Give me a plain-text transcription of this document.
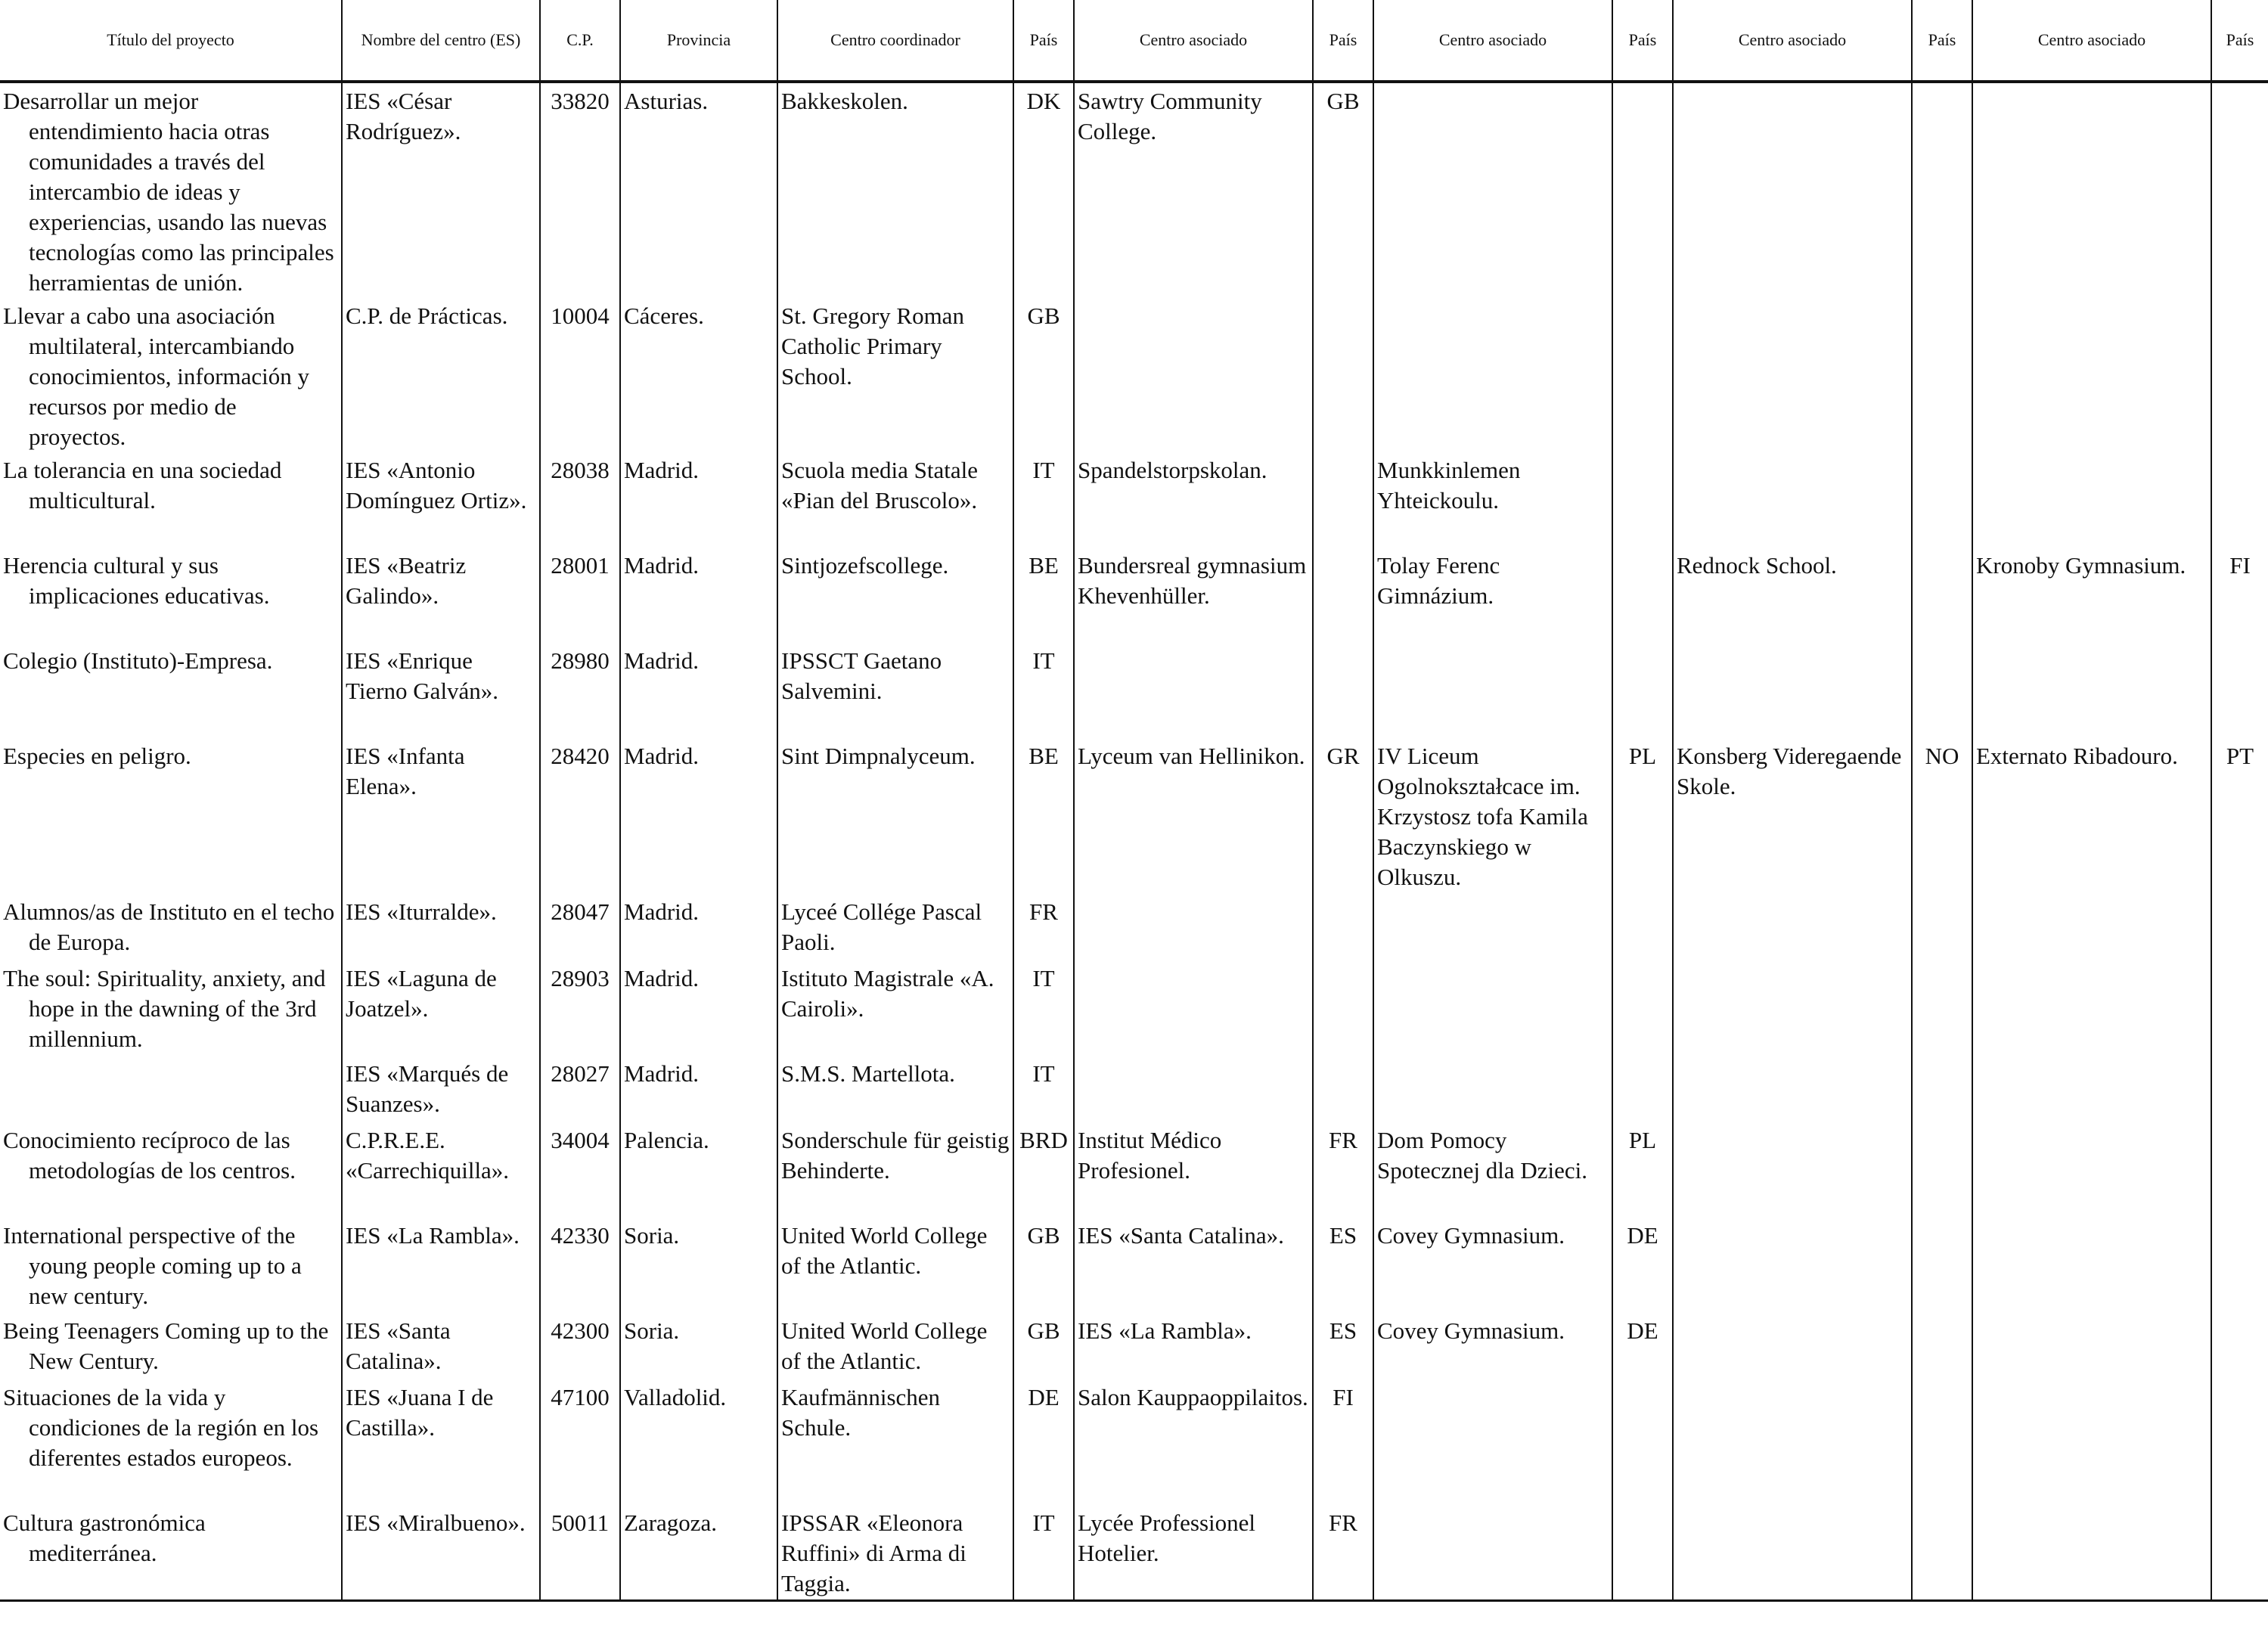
Título del proyecto	Nombre del centro (ES)	C.P.	Provincia	Centro coordinador	País	Centro asociado	País	Centro asociado	País	Centro asociado	País	Centro asociado	País

Desarrollar un mejor entendimiento hacia otras comunidades a través del intercambio de ideas y experiencias, usando las nuevas tecnologías como las principales herramientas de unión.	IES «César Rodríguez».	33820	Asturias.	Bakkeskolen.	DK	Sawtry Community College.	GB						

Llevar a cabo una asociación multilateral, intercambiando conocimientos, información y recursos por medio de proyectos.	C.P. de Prácticas.	10004	Cáceres.	St. Gregory Roman Catholic Primary School.	GB								

La tolerancia en una sociedad multicultural.	IES «Antonio Domínguez Ortiz».	28038	Madrid.	Scuola media Statale «Pian del Bruscolo».	IT	Spandelstorpskolan.		Munkkinlemen Yhteickoulu.					

Herencia cultural y sus implicaciones educativas.	IES «Beatriz Galindo».	28001	Madrid.	Sintjozefscollege.	BE	Bundersreal gymnasium Khevenhüller.		Tolay Ferenc Gimnázium.		Rednock School.		Kronoby Gymnasium.	FI

Colegio (Instituto)-Empresa.	IES «Enrique Tierno Galván».	28980	Madrid.	IPSSCT Gaetano Salvemini.	IT								

Especies en peligro.	IES «Infanta Elena».	28420	Madrid.	Sint Dimpnalyceum.	BE	Lyceum van Hellinikon.	GR	IV Liceum Ogolnokształcace im. Krzystosz tofa Kamila Baczynskiego w Olkuszu.	PL	Konsberg Videregaende Skole.	NO	Externato Ribadouro.	PT

Alumnos/as de Instituto en el techo de Europa.	IES «Iturralde».	28047	Madrid.	Lyceé Collége Pascal Paoli.	FR								

The soul: Spirituality, anxiety, and hope in the dawning of the 3rd millennium.	IES «Laguna de Joatzel».	28903	Madrid.	Istituto Magistrale «A. Cairoli».	IT								

	IES «Marqués de Suanzes».	28027	Madrid.	S.M.S. Martellota.	IT								

Conocimiento recíproco de las metodologías de los centros.	C.P.R.E.E. «Carrechiquilla».	34004	Palencia.	Sonderschule für geistig Behinderte.	BRD	Institut Médico Profesionel.	FR	Dom Pomocy Spotecznej dla Dzieci.	PL				

International perspective of the young people coming up to a new century.	IES «La Rambla».	42330	Soria.	United World College of the Atlantic.	GB	IES «Santa Catalina».	ES	Covey Gymnasium.	DE				

Being Teenagers Coming up to the New Century.	IES «Santa Catalina».	42300	Soria.	United World College of the Atlantic.	GB	IES «La Rambla».	ES	Covey Gymnasium.	DE				

Situaciones de la vida y condiciones de la región en los diferentes estados europeos.	IES «Juana I de Castilla».	47100	Valladolid.	Kaufmännischen Schule.	DE	Salon Kauppaoppilaitos.	FI						

Cultura gastronómica mediterránea.	IES «Miralbueno».	50011	Zaragoza.	IPSSAR «Eleonora Ruffini» di Arma di Taggia.	IT	Lycée Professionel Hotelier.	FR						
